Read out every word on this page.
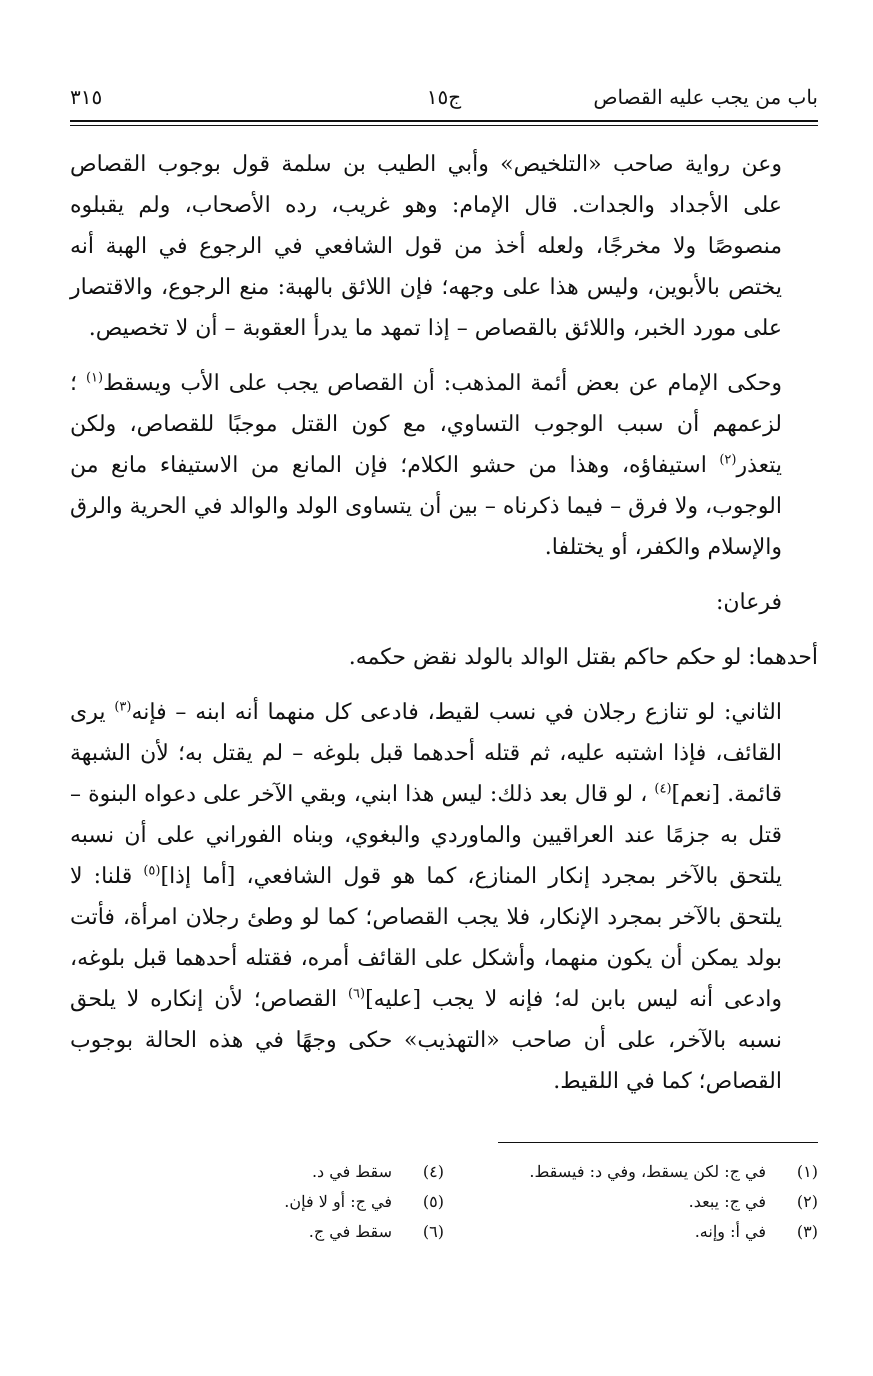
باب من يجب عليه القصاص
ج١٥
٣١٥

وعن رواية صاحب «التلخيص» وأبي الطيب بن سلمة قول بوجوب القصاص على الأجداد والجدات. قال الإمام: وهو غريب، رده الأصحاب، ولم يقبلوه منصوصًا ولا مخرجًا، ولعله أخذ من قول الشافعي في الرجوع في الهبة أنه يختص بالأبوين، وليس هذا على وجهه؛ فإن اللائق بالهبة: منع الرجوع، والاقتصار على مورد الخبر، واللائق بالقصاص – إذا تمهد ما يدرأ العقوبة – أن لا تخصيص.

وحكى الإمام عن بعض أئمة المذهب: أن القصاص يجب على الأب ويسقط$^{(١)}$ ؛ لزعمهم أن سبب الوجوب التساوي، مع كون القتل موجبًا للقصاص، ولكن يتعذر$^{(٢)}$ استيفاؤه، وهذا من حشو الكلام؛ فإن المانع من الاستيفاء مانع من الوجوب، ولا فرق – فيما ذكرناه – بين أن يتساوى الولد والوالد في الحرية والرق والإسلام والكفر، أو يختلفا.

فرعان:

أحدهما: لو حكم حاكم بقتل الوالد بالولد نقض حكمه.

الثاني: لو تنازع رجلان في نسب لقيط، فادعى كل منهما أنه ابنه – فإنه$^{(٣)}$ يرى القائف، فإذا اشتبه عليه، ثم قتله أحدهما قبل بلوغه – لم يقتل به؛ لأن الشبهة قائمة. [نعم]$^{(٤)}$ ، لو قال بعد ذلك: ليس هذا ابني، وبقي الآخر على دعواه البنوة – قتل به جزمًا عند العراقيين والماوردي والبغوي، وبناه الفوراني على أن نسبه يلتحق بالآخر بمجرد إنكار المنازع، كما هو قول الشافعي، [أما إذا]$^{(٥)}$ قلنا: لا يلتحق بالآخر بمجرد الإنكار، فلا يجب القصاص؛ كما لو وطئ رجلان امرأة، فأتت بولد يمكن أن يكون منهما، وأشكل على القائف أمره، فقتله أحدهما قبل بلوغه، وادعى أنه ليس بابن له؛ فإنه لا يجب [عليه]$^{(٦)}$ القصاص؛ لأن إنكاره لا يلحق نسبه بالآخر، على أن صاحب «التهذيب» حكى وجهًا في هذه الحالة بوجوب القصاص؛ كما في اللقيط.

(١)
في ج: لكن يسقط، وفي د: فيسقط.
(٢)
في ج: يبعد.
(٣)
في أ: وإنه.
(٤)
سقط في د.
(٥)
في ج: أو لا فإن.
(٦)
سقط في ج.
